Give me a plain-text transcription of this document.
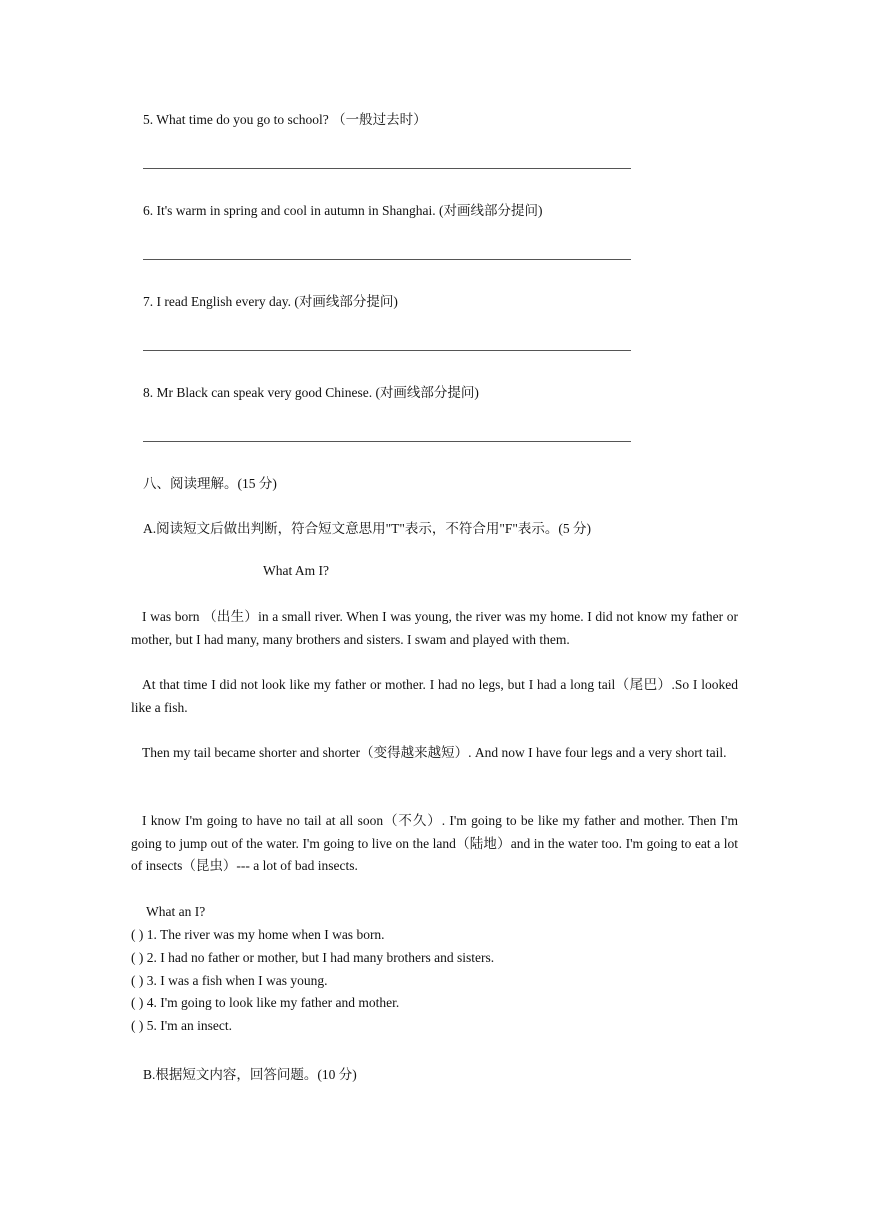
5. What time do you go to school? （一般过去时）
6. It's warm in spring and cool in autumn in Shanghai. (对画线部分提问)
7. I read English every day. (对画线部分提问)
8. Mr Black can speak very good Chinese. (对画线部分提问)
八、阅读理解。(15 分)
A.阅读短文后做出判断，符合短文意思用"T"表示，不符合用"F"表示。(5 分)
What Am I?
I was born （出生）in a small river. When I was young, the river was my home. I did not know my father or mother, but I had many, many brothers and sisters. I swam and played with them.
At that time I did not look like my father or mother. I had no legs, but I had a long tail（尾巴）.So I looked like a fish.
Then my tail became shorter and shorter（变得越来越短）. And now I have four legs and a very short tail.
I know I'm going to have no tail at all soon（不久）. I'm going to be like my father and mother. Then I'm going to jump out of the water. I'm going to live on the land（陆地）and in the water too. I'm going to eat a lot of insects（昆虫）--- a lot of bad insects.
What an I?
( ) 1. The river was my home when I was born.
( ) 2. I had no father or mother, but I had many brothers and sisters.
( ) 3. I was a fish when I was young.
( ) 4. I'm going to look like my father and mother.
( ) 5. I'm an insect.
B.根据短文内容，回答问题。(10 分)
